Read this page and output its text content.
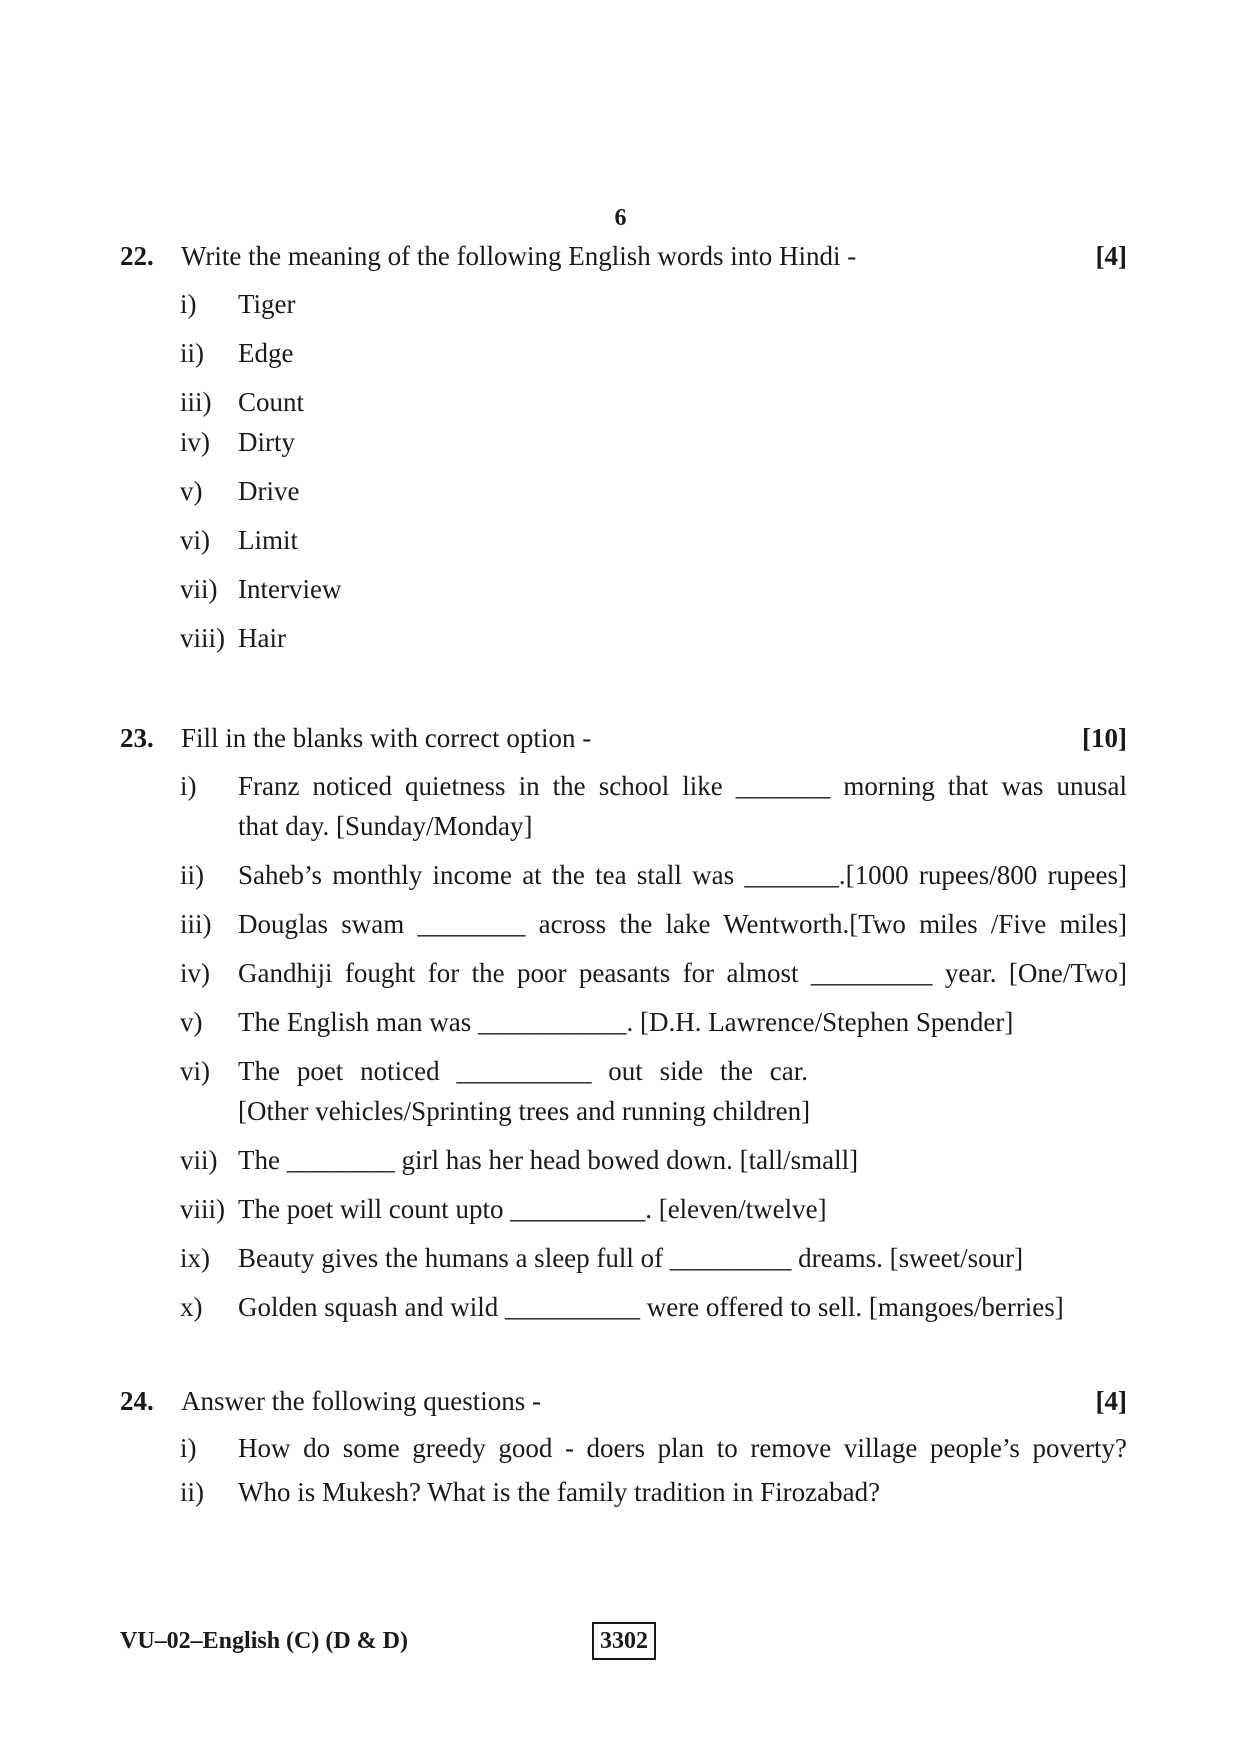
6
22. Write the meaning of the following English words into Hindi -	[4]
i) Tiger
ii) Edge
iii) Count
iv) Dirty
v) Drive
vi) Limit
vii) Interview
viii) Hair
23. Fill in the blanks with correct option -	[10]
i) Franz noticed quietness in the school like _______ morning that was unusal
that day. [Sunday/Monday]
ii) Saheb’s monthly income at the tea stall was _______.[1000 rupees/800 rupees]
iii) Douglas swam ________ across the lake Wentworth.[Two miles /Five miles]
iv) Gandhiji fought for the poor peasants for almost _________ year. [One/Two]
v) The English man was ___________. [D.H. Lawrence/Stephen Spender]
vi) The poet noticed __________ out side the car.
[Other vehicles/Sprinting trees and running children]
vii) The ________ girl has her head bowed down. [tall/small]
viii) The poet will count upto __________. [eleven/twelve]
ix) Beauty gives the humans a sleep full of _________ dreams. [sweet/sour]
x) Golden squash and wild __________ were offered to sell. [mangoes/berries]
24. Answer the following questions -	[4]
i) How do some greedy good - doers plan to remove village people’s poverty?
ii) Who is Mukesh? What is the family tradition in Firozabad?
VU–02–English (C) (D & D)	3302
